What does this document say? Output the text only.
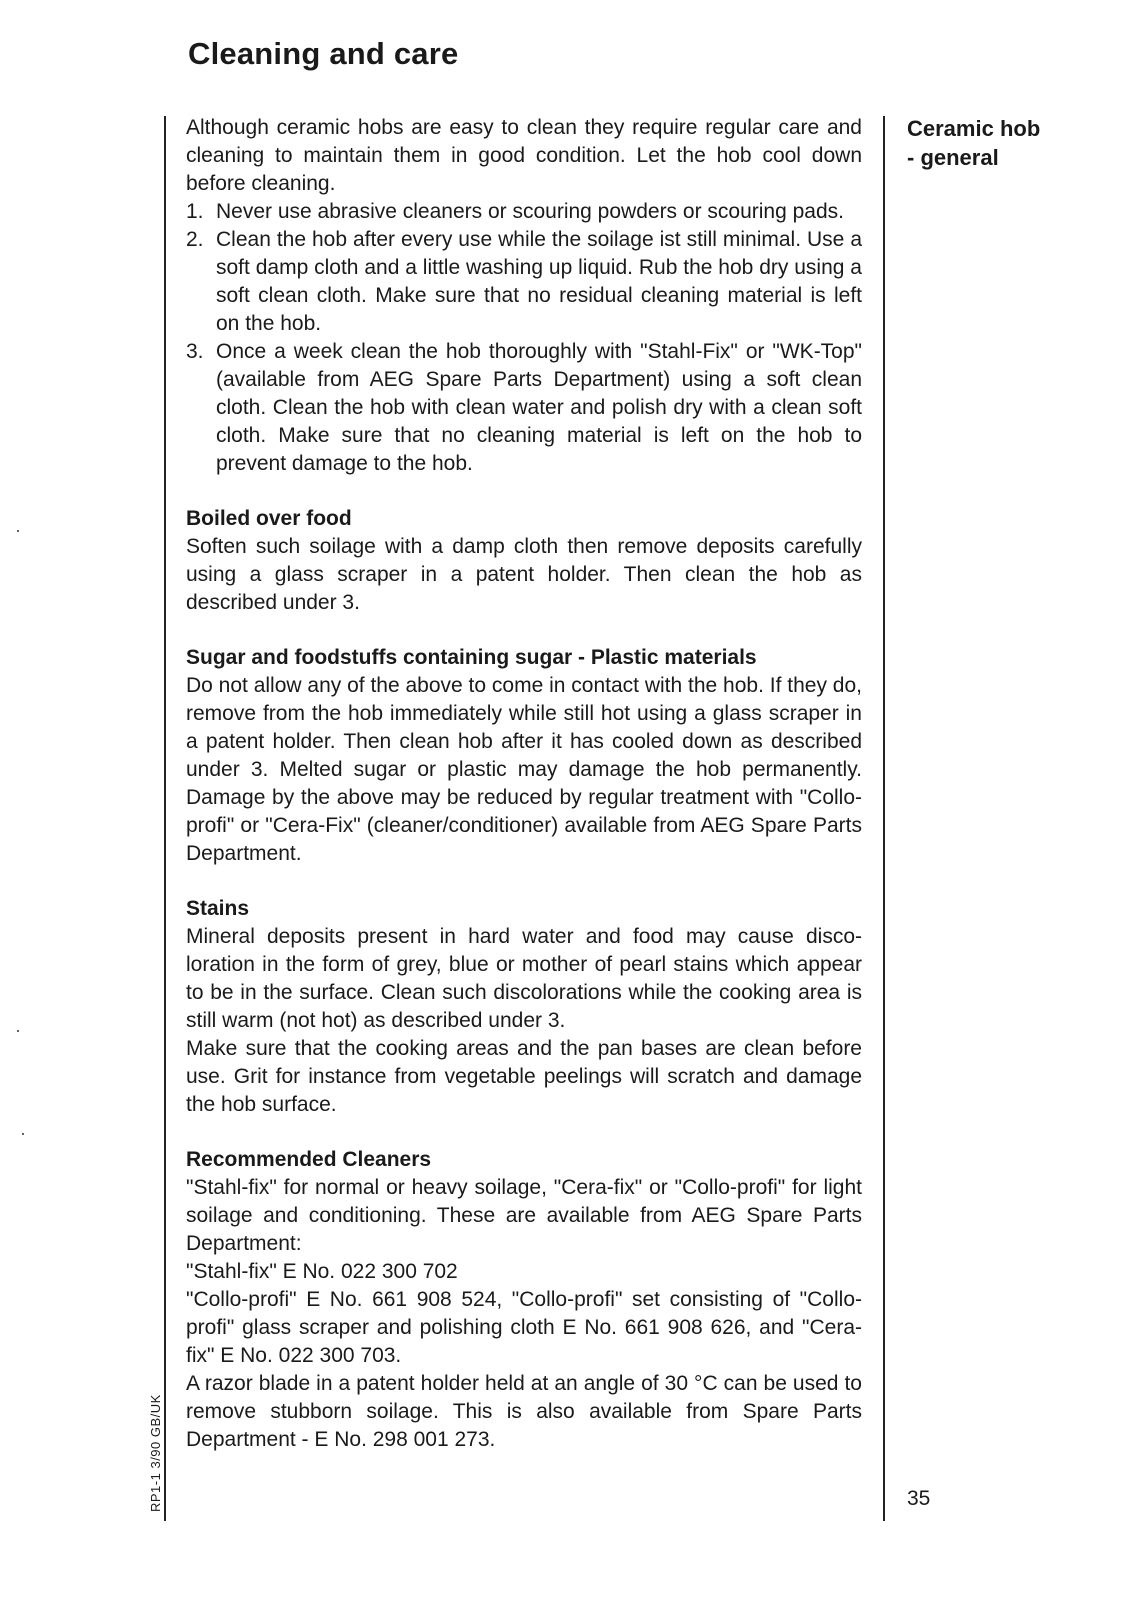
Cleaning and care
Ceramic hob
- general

Although ceramic hobs are easy to clean they require regular care and cleaning to maintain them in good condition. Let the hob cool down before cleaning.

1. Never use abrasive cleaners or scouring powders or scouring pads.
2. Clean the hob after every use while the soilage ist still minimal. Use a soft damp cloth and a little washing up liquid. Rub the hob dry using a soft clean cloth. Make sure that no residual cleaning material is left on the hob.
3. Once a week clean the hob thoroughly with "Stahl-Fix" or "WK-Top" (available from AEG Spare Parts Department) using a soft clean cloth. Clean the hob with clean water and polish dry with a clean soft cloth. Make sure that no cleaning material is left on the hob to prevent damage to the hob.
Boiled over food

Soften such soilage with a damp cloth then remove deposits carefully using a glass scraper in a patent holder. Then clean the hob as described under 3.

Sugar and foodstuffs containing sugar - Plastic materials

Do not allow any of the above to come in contact with the hob. If they do, remove from the hob immediately while still hot using a glass scraper in a patent holder. Then clean hob after it has cooled down as described under 3. Melted sugar or plastic may damage the hob permanently. Damage by the above may be reduced by regular treatment with "Collo-profi" or "Cera-Fix" (cleaner/conditioner) available from AEG Spare Parts Department.

Stains

Mineral deposits present in hard water and food may cause disco-loration in the form of grey, blue or mother of pearl stains which appear to be in the surface. Clean such discolorations while the cooking area is still warm (not hot) as described under 3.

Make sure that the cooking areas and the pan bases are clean before use. Grit for instance from vegetable peelings will scratch and damage the hob surface.

Recommended Cleaners

"Stahl-fix" for normal or heavy soilage, "Cera-fix" or "Collo-profi" for light soilage and conditioning. These are available from AEG Spare Parts Department:

"Stahl-fix" E No. 022 300 702

"Collo-profi" E No. 661 908 524, "Collo-profi" set consisting of "Collo-profi" glass scraper and polishing cloth E No. 661 908 626, and "Cera-fix" E No. 022 300 703.

A razor blade in a patent holder held at an angle of 30 °C can be used to remove stubborn soilage. This is also available from Spare Parts Department - E No. 298 001 273.

35
RP1-1 3/90 GB/UK
